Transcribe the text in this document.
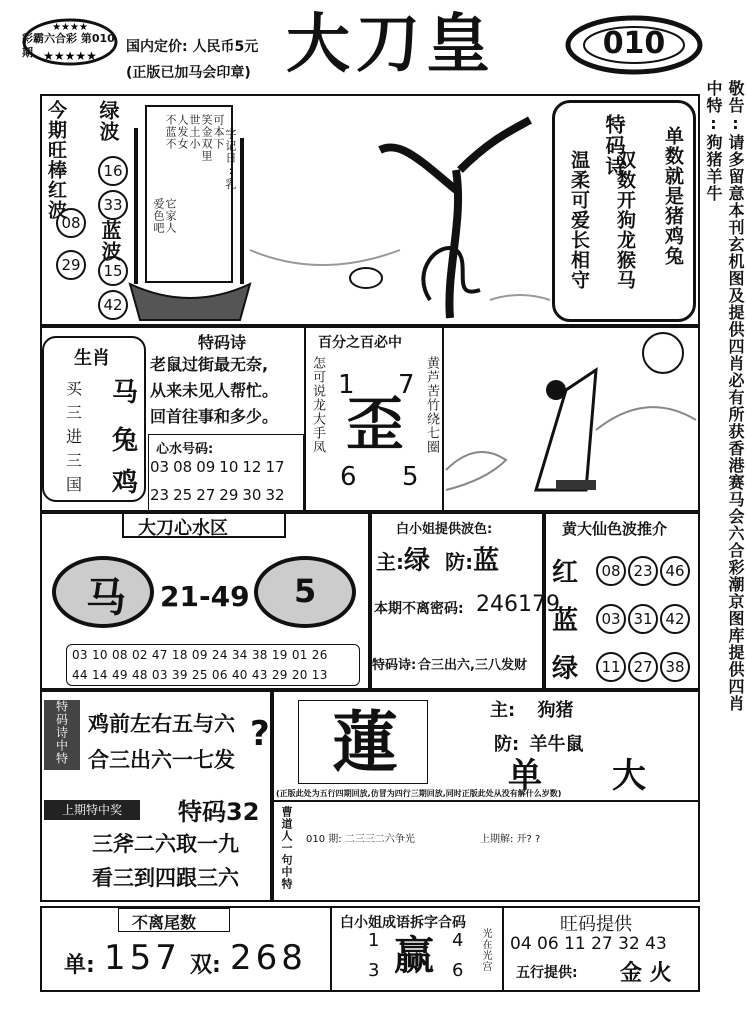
★★★★
★★★★★
彩霸六合彩 第010期	国内定价: 人民币5元
(正版已加马会印章) 大刀皇	010
敬告:请多留意本刊玄机图及提供四肖必有所获香港赛马会六合彩潮京图库提供四肖中特:狗猪羊牛
今期旺棒红波 绿波
16
33
08 蓝波
29	15
42
可本下
笑金双里
世土小
人发女
不蓝不
爱色吧 它家人
字记日:乳	特码诗
温柔可爱长相守 双数开狗龙猴马 单数就是猪鸡兔
生肖
买 马
三
进 兔
三
国 鸡
特码诗
老鼠过街最无奈,
从来未见人帮忙。
回首往事和多少。
心水号码:
03 08 09 10 12 17
23 25 27 29 30 32
百分之百必中
怎可说龙大手凤	黄芦苦竹绕七圈
1 7
歪
6 5
大刀心水区
马 21-49 5
03 10 08 02 47 18 09 24 34 38 19 01 26
44 14 49 48 03 39 25 06 40 43 29 20 13
白小姐提供波色:
主:绿 防:蓝
本期不离密码: 246179
特码诗: 合三出六,三八发财
黄大仙色波推介
红	08 23 46
蓝	03 31 42
绿	11 27 38
特码诗中特 鸡前左右五与六 ?
合三出六一七发
上期特中奖	特码32
三斧二六取一九
看三到四跟三六
蓮	主: 狗猪
防: 羊牛鼠
单 大
(正版此处为五行四期回放,仿冒为四行三期回放,同时正版此处从没有解什么岁数)
曹道人一句中特 010 期: 二三三二六争光	上期解: 开? ?
不离尾数
单: 157 双: 268
白小姐成语拆字合码
1 赢 4
3	6 光在光宫
旺码提供
04 06 11 27 32 43
五行提供: 金 火
